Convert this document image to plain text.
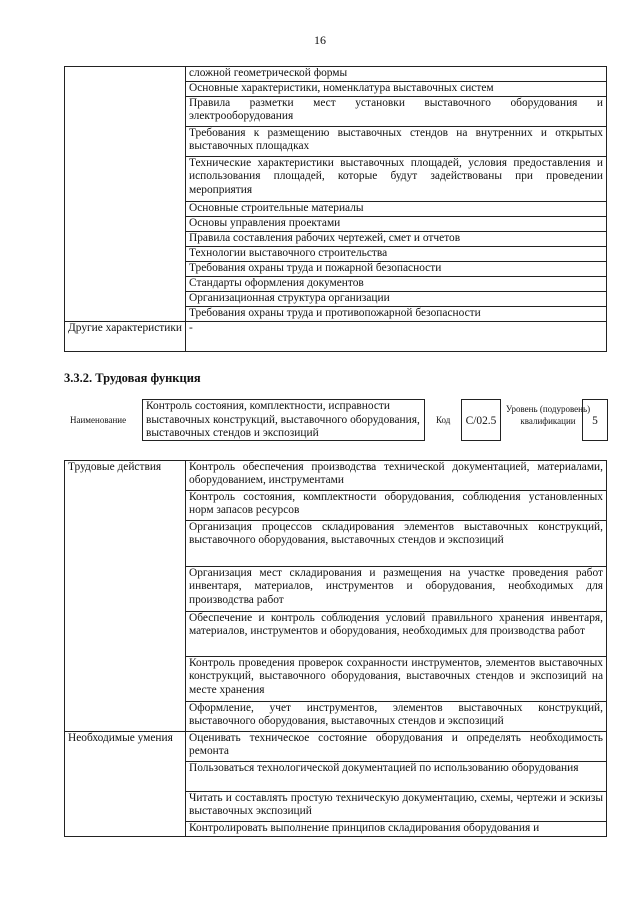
16
	сложной геометрической формы
	Основные характеристики, номенклатура выставочных систем
	Правила разметки мест установки выставочного оборудования и электрооборудования
	Требования к размещению выставочных стендов на внутренних и открытых выставочных площадках
	Технические характеристики выставочных площадей, условия предоставления и использования площадей, которые будут задействованы при проведении мероприятия
	Основные строительные материалы
	Основы управления проектами
	Правила составления рабочих чертежей, смет и отчетов
	Технологии выставочного строительства
	Требования охраны труда и пожарной безопасности
	Стандарты оформления документов
	Организационная структура организации
	Требования охраны труда и противопожарной безопасности
Другие характеристики	-
3.3.2. Трудовая функция
Наименование
Контроль состояния, комплектности, исправности выставочных конструкций, выставочного оборудования, выставочных стендов и экспозиций
Код	C/02.5
Уровень (подуровень) квалификации	5
Трудовые действия	Контроль обеспечения производства технической документацией, материалами, оборудованием, инструментами
	Контроль состояния, комплектности оборудования, соблюдения установленных норм запасов ресурсов
	Организация процессов складирования элементов выставочных конструкций, выставочного оборудования, выставочных стендов и экспозиций
	Организация мест складирования и размещения на участке проведения работ инвентаря, материалов, инструментов и оборудования, необходимых для производства работ
	Обеспечение и контроль соблюдения условий правильного хранения инвентаря, материалов, инструментов и оборудования, необходимых для производства работ
	Контроль проведения проверок сохранности инструментов, элементов выставочных конструкций, выставочного оборудования, выставочных стендов и экспозиций на месте хранения
	Оформление, учет инструментов, элементов выставочных конструкций, выставочного оборудования, выставочных стендов и экспозиций
Необходимые умения	Оценивать техническое состояние оборудования и определять необходимость ремонта
	Пользоваться технологической документацией по использованию оборудования
	Читать и составлять простую техническую документацию, схемы, чертежи и эскизы выставочных экспозиций
	Контролировать выполнение принципов складирования оборудования и
